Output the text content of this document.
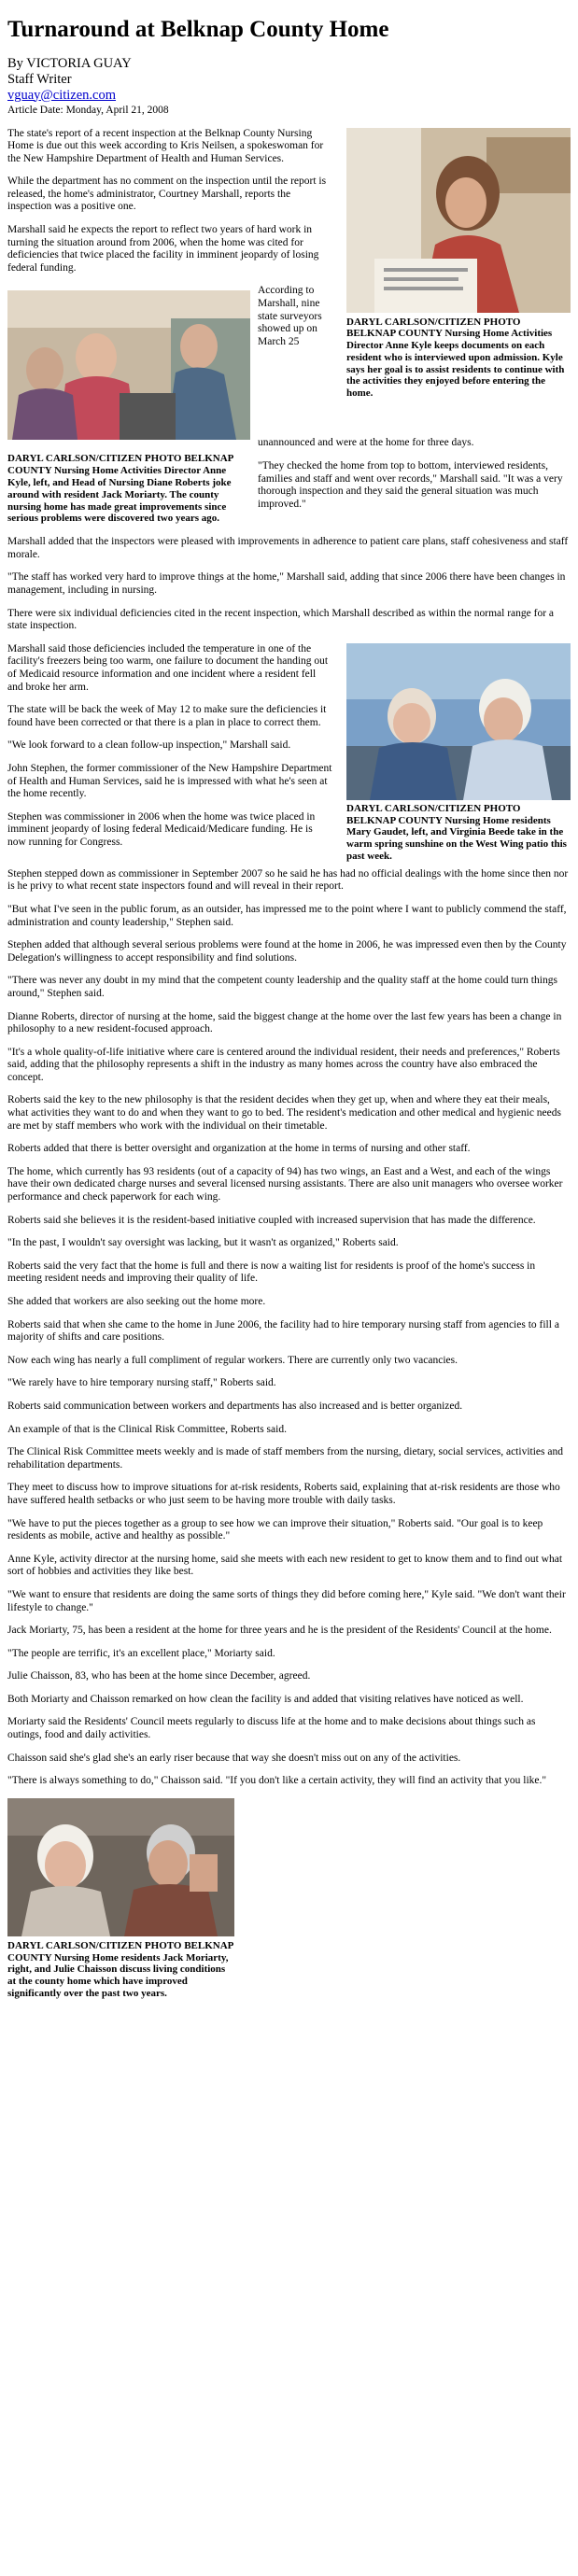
Turnaround at Belknap County Home
By VICTORIA GUAY
Staff Writer
vguay@citizen.com
Article Date: Monday, April 21, 2008
DARYL CARLSON/CITIZEN PHOTO BELKNAP COUNTY Nursing Home Activities Director Anne Kyle keeps documents on each resident who is interviewed upon admission. Kyle says her goal is to assist residents to continue with the activities they enjoyed before entering the home.

The state's report of a recent inspection at the Belknap County Nursing Home is due out this week according to Kris Neilsen, a spokeswoman for the New Hampshire Department of Health and Human Services.

While the department has no comment on the inspection until the report is released, the home's administrator, Courtney Marshall, reports the inspection was a positive one.

Marshall said he expects the report to reflect two years of hard work in turning the situation around from 2006, when the home was cited for deficiencies that twice placed the facility in imminent jeopardy of losing federal funding.

DARYL CARLSON/CITIZEN PHOTO BELKNAP COUNTY Nursing Home Activities Director Anne Kyle, left, and Head of Nursing Diane Roberts joke around with resident Jack Moriarty. The county nursing home has made great improvements since serious problems were discovered two years ago.

According to Marshall, nine state surveyors showed up on March 25

unannounced and were at the home for three days.

"They checked the home from top to bottom, interviewed residents, families and staff and went over records," Marshall said. "It was a very thorough inspection and they said the general situation was much improved."

Marshall added that the inspectors were pleased with improvements in adherence to patient care plans, staff cohesiveness and staff morale.

"The staff has worked very hard to improve things at the home," Marshall said, adding that since 2006 there have been changes in management, including in nursing.

There were six individual deficiencies cited in the recent inspection, which Marshall described as within the normal range for a state inspection.

DARYL CARLSON/CITIZEN PHOTO BELKNAP COUNTY Nursing Home residents Mary Gaudet, left, and Virginia Beede take in the warm spring sunshine on the West Wing patio this past week.

Marshall said those deficiencies included the temperature in one of the facility's freezers being too warm, one failure to document the handing out of Medicaid resource information and one incident where a resident fell and broke her arm.

The state will be back the week of May 12 to make sure the deficiencies it found have been corrected or that there is a plan in place to correct them.

"We look forward to a clean follow-up inspection," Marshall said.

John Stephen, the former commissioner of the New Hampshire Department of Health and Human Services, said he is impressed with what he's seen at the home recently.

Stephen was commissioner in 2006 when the home was twice placed in imminent jeopardy of losing federal Medicaid/Medicare funding. He is now running for Congress.

Stephen stepped down as commissioner in September 2007 so he said he has had no official dealings with the home since then nor is he privy to what recent state inspectors found and will reveal in their report.

"But what I've seen in the public forum, as an outsider, has impressed me to the point where I want to publicly commend the staff, administration and county leadership," Stephen said.

Stephen added that although several serious problems were found at the home in 2006, he was impressed even then by the County Delegation's willingness to accept responsibility and find solutions.

"There was never any doubt in my mind that the competent county leadership and the quality staff at the home could turn things around," Stephen said.

Dianne Roberts, director of nursing at the home, said the biggest change at the home over the last few years has been a change in philosophy to a new resident-focused approach.

"It's a whole quality-of-life initiative where care is centered around the individual resident, their needs and preferences," Roberts said, adding that the philosophy represents a shift in the industry as many homes across the country have also embraced the concept.

Roberts said the key to the new philosophy is that the resident decides when they get up, when and where they eat their meals, what activities they want to do and when they want to go to bed. The resident's medication and other medical and hygienic needs are met by staff members who work with the individual on their timetable.

Roberts added that there is better oversight and organization at the home in terms of nursing and other staff.

The home, which currently has 93 residents (out of a capacity of 94) has two wings, an East and a West, and each of the wings have their own dedicated charge nurses and several licensed nursing assistants. There are also unit managers who oversee worker performance and check paperwork for each wing.

Roberts said she believes it is the resident-based initiative coupled with increased supervision that has made the difference.

"In the past, I wouldn't say oversight was lacking, but it wasn't as organized," Roberts said.

Roberts said the very fact that the home is full and there is now a waiting list for residents is proof of the home's success in meeting resident needs and improving their quality of life.

She added that workers are also seeking out the home more.

Roberts said that when she came to the home in June 2006, the facility had to hire temporary nursing staff from agencies to fill a majority of shifts and care positions.

Now each wing has nearly a full compliment of regular workers. There are currently only two vacancies.

"We rarely have to hire temporary nursing staff," Roberts said.

Roberts said communication between workers and departments has also increased and is better organized.

An example of that is the Clinical Risk Committee, Roberts said.

The Clinical Risk Committee meets weekly and is made of staff members from the nursing, dietary, social services, activities and rehabilitation departments.

They meet to discuss how to improve situations for at-risk residents, Roberts said, explaining that at-risk residents are those who have suffered health setbacks or who just seem to be having more trouble with daily tasks.

"We have to put the pieces together as a group to see how we can improve their situation," Roberts said. "Our goal is to keep residents as mobile, active and healthy as possible."

Anne Kyle, activity director at the nursing home, said she meets with each new resident to get to know them and to find out what sort of hobbies and activities they like best.

"We want to ensure that residents are doing the same sorts of things they did before coming here," Kyle said. "We don't want their lifestyle to change."

Jack Moriarty, 75, has been a resident at the home for three years and he is the president of the Residents' Council at the home.

"The people are terrific, it's an excellent place," Moriarty said.

Julie Chaisson, 83, who has been at the home since December, agreed.

Both Moriarty and Chaisson remarked on how clean the facility is and added that visiting relatives have noticed as well.

Moriarty said the Residents' Council meets regularly to discuss life at the home and to make decisions about things such as outings, food and daily activities.

Chaisson said she's glad she's an early riser because that way she doesn't miss out on any of the activities.

"There is always something to do," Chaisson said. "If you don't like a certain activity, they will find an activity that you like."

DARYL CARLSON/CITIZEN PHOTO BELKNAP COUNTY Nursing Home residents Jack Moriarty, right, and Julie Chaisson discuss living conditions at the county home which have improved significantly over the past two years.
